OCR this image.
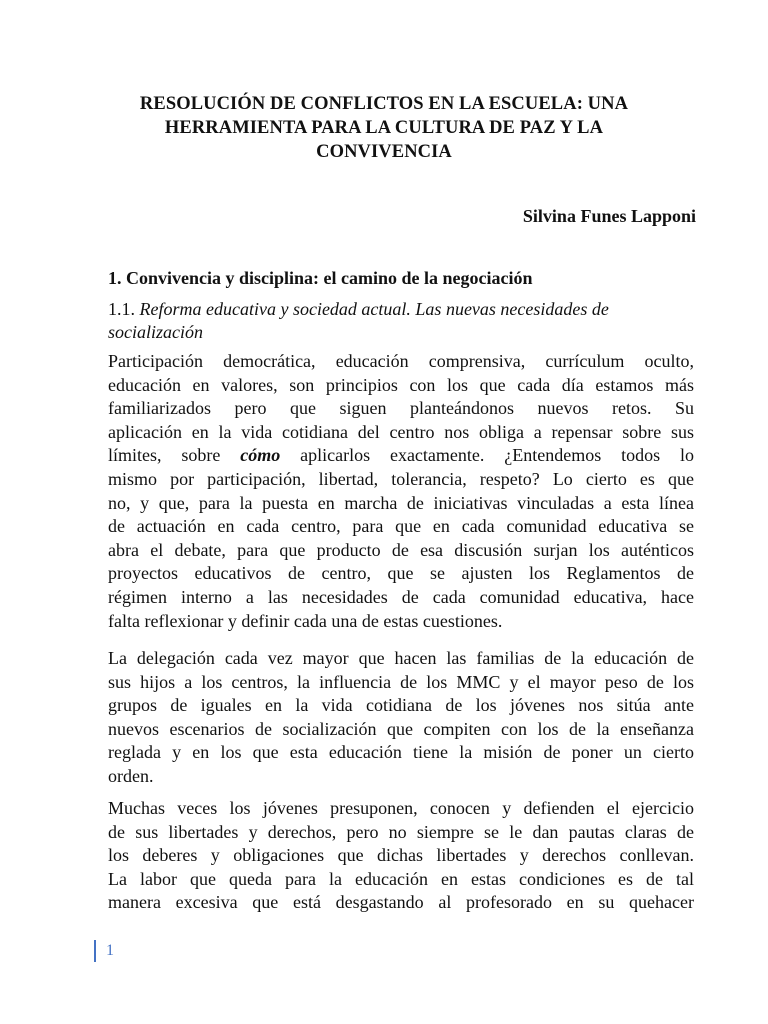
RESOLUCIÓN DE CONFLICTOS EN LA ESCUELA: UNA
HERRAMIENTA PARA LA CULTURA DE PAZ Y LA
CONVIVENCIA
Silvina Funes Lapponi
1. Convivencia y disciplina: el camino de la negociación
1.1. Reforma educativa y sociedad actual. Las nuevas necesidades de
socialización
Participación democrática, educación comprensiva, currículum oculto,
educación en valores, son principios con los que cada día estamos más
familiarizados pero que siguen planteándonos nuevos retos. Su
aplicación en la vida cotidiana del centro nos obliga a repensar sobre sus
límites, sobre cómo aplicarlos exactamente. ¿Entendemos todos lo
mismo por participación, libertad, tolerancia, respeto? Lo cierto es que
no, y que, para la puesta en marcha de iniciativas vinculadas a esta línea
de actuación en cada centro, para que en cada comunidad educativa se
abra el debate, para que producto de esa discusión surjan los auténticos
proyectos educativos de centro, que se ajusten los Reglamentos de
régimen interno a las necesidades de cada comunidad educativa, hace
falta reflexionar y definir cada una de estas cuestiones.
La delegación cada vez mayor que hacen las familias de la educación de
sus hijos a los centros, la influencia de los MMC y el mayor peso de los
grupos de iguales en la vida cotidiana de los jóvenes nos sitúa ante
nuevos escenarios de socialización que compiten con los de la enseñanza
reglada y en los que esta educación tiene la misión de poner un cierto
orden.
Muchas veces los jóvenes presuponen, conocen y defienden el ejercicio
de sus libertades y derechos, pero no siempre se le dan pautas claras de
los deberes y obligaciones que dichas libertades y derechos conllevan.
La labor que queda para la educación en estas condiciones es de tal
manera excesiva que está desgastando al profesorado en su quehacer
1
